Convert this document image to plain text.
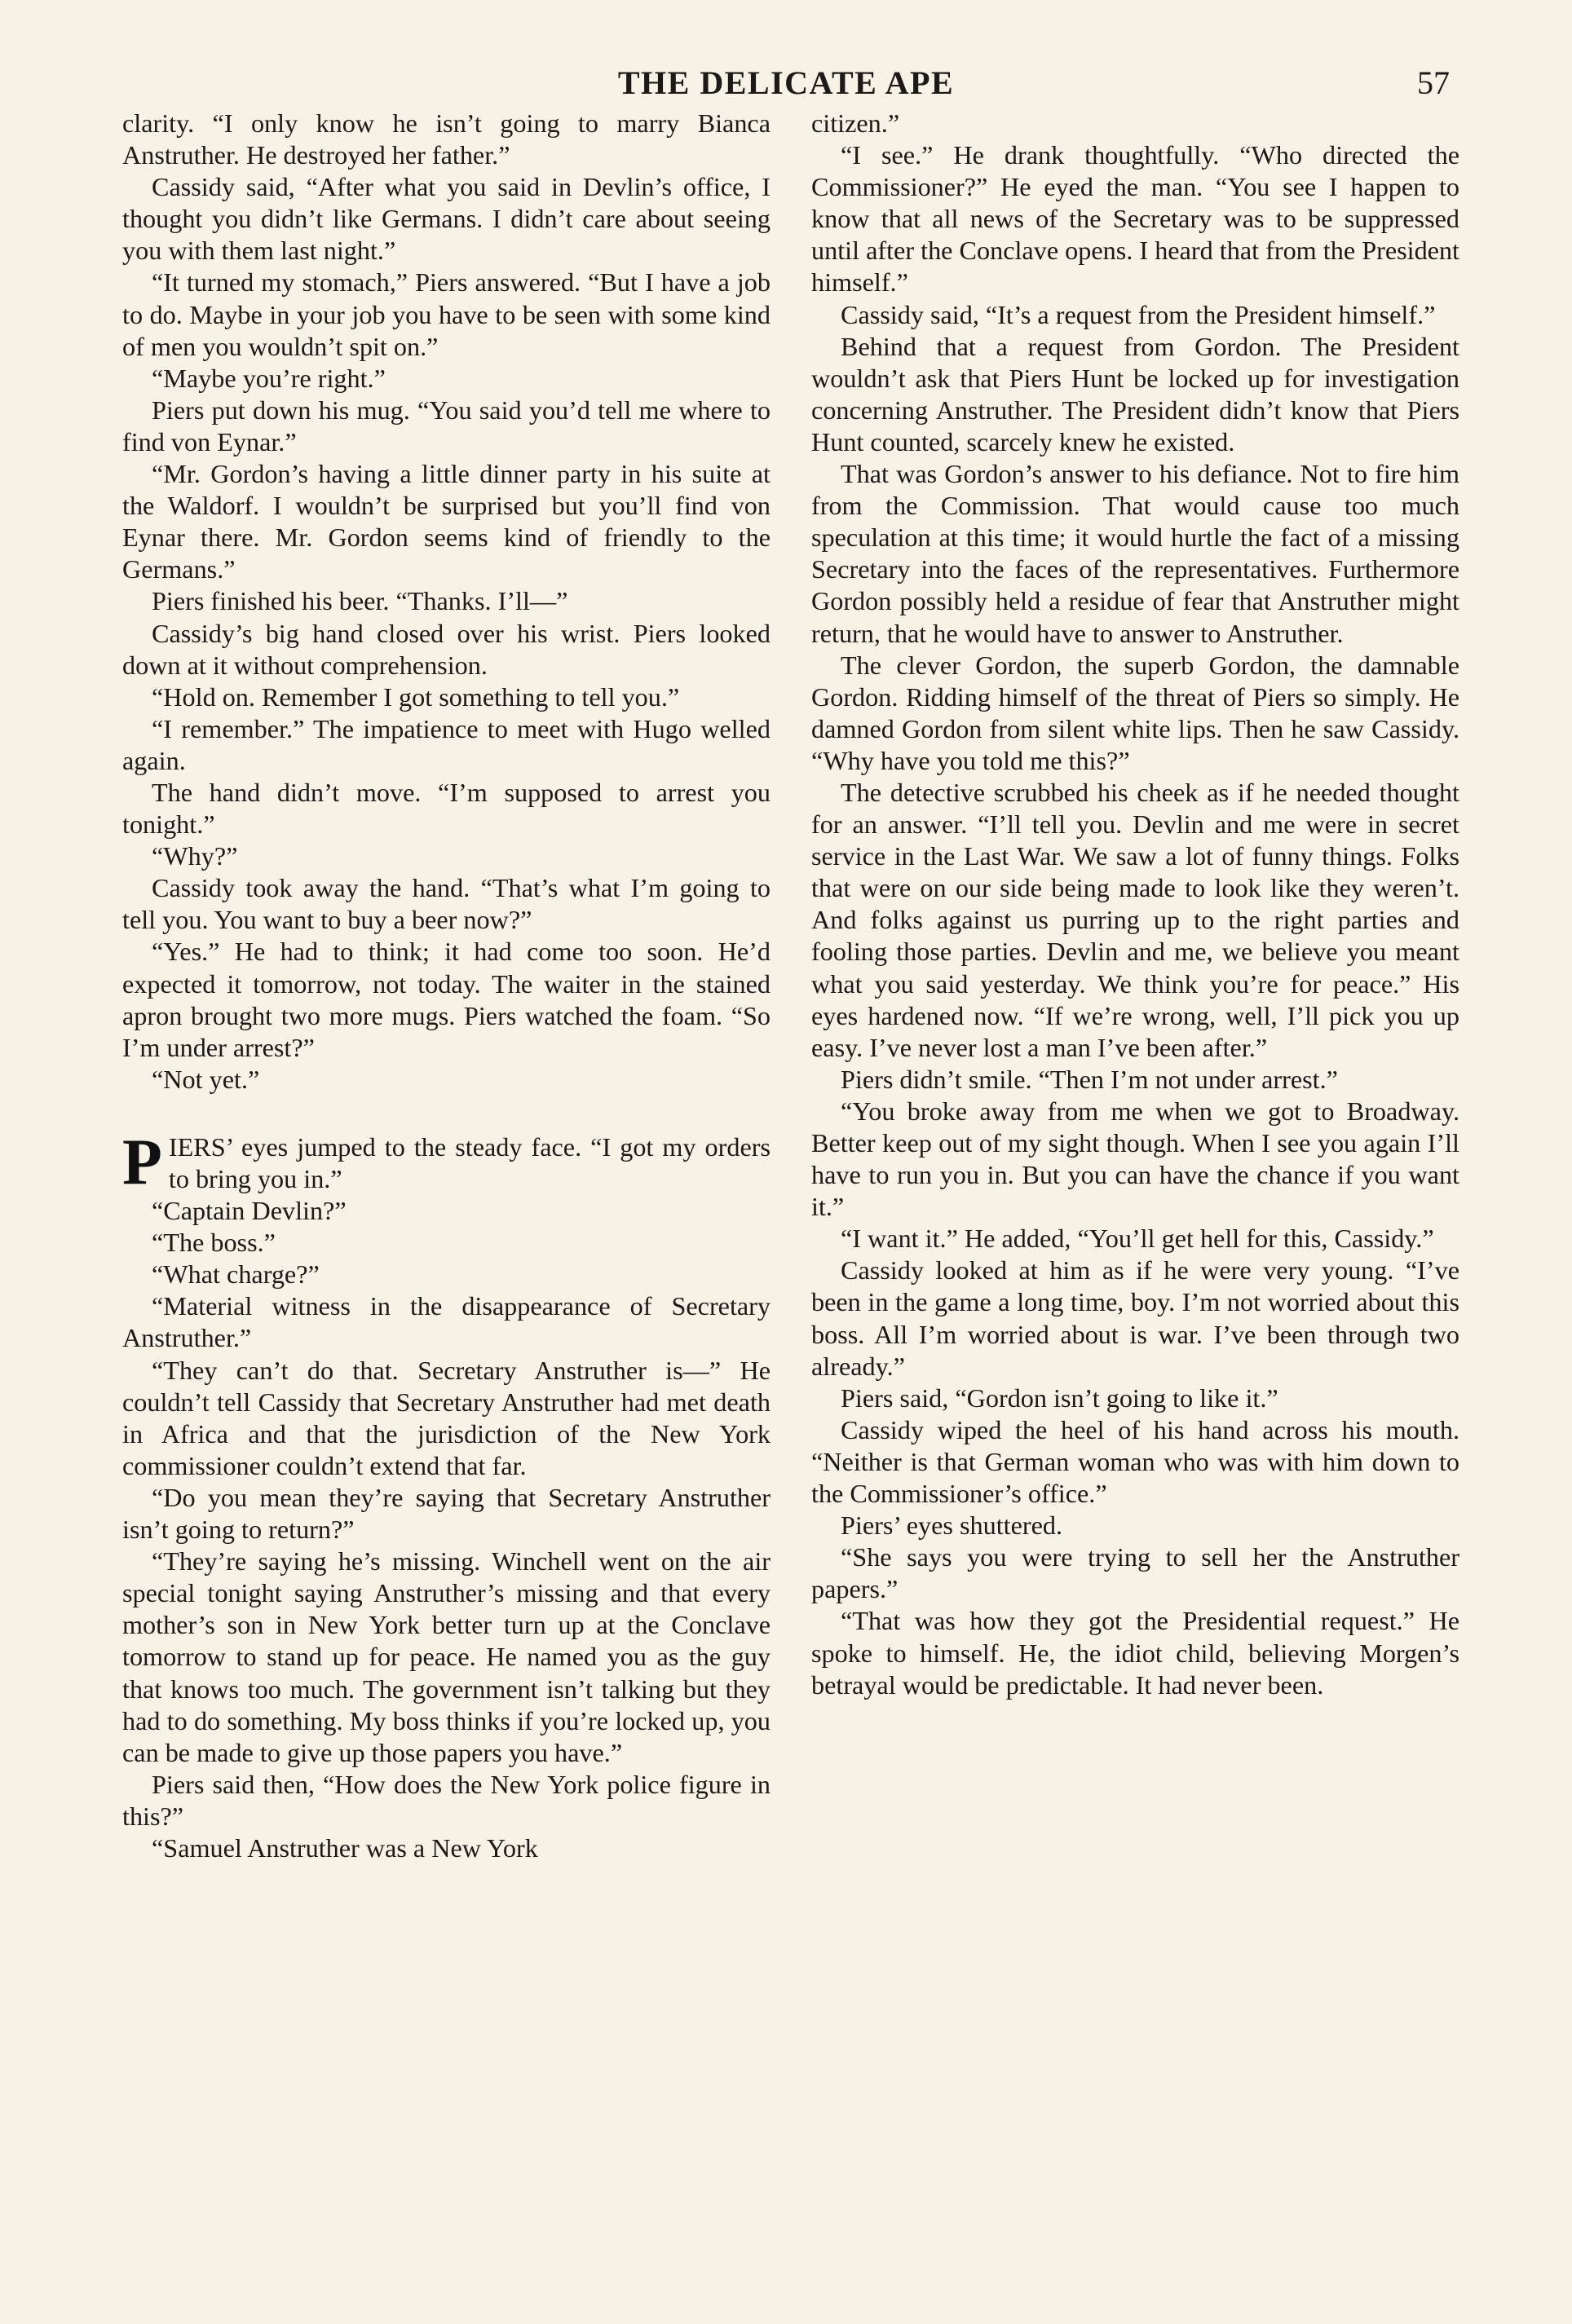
THE DELICATE APE	57

clarity. “I only know he isn’t going to marry Bianca Anstruther. He destroyed her father.”

Cassidy said, “After what you said in Devlin’s office, I thought you didn’t like Germans. I didn’t care about seeing you with them last night.”

“It turned my stomach,” Piers answered. “But I have a job to do. Maybe in your job you have to be seen with some kind of men you wouldn’t spit on.”

“Maybe you’re right.”

Piers put down his mug. “You said you’d tell me where to find von Eynar.”

“Mr. Gordon’s having a little dinner party in his suite at the Waldorf. I wouldn’t be surprised but you’ll find von Eynar there. Mr. Gordon seems kind of friendly to the Germans.”

Piers finished his beer. “Thanks. I’ll—”

Cassidy’s big hand closed over his wrist. Piers looked down at it without comprehension.

“Hold on. Remember I got something to tell you.”

“I remember.” The impatience to meet with Hugo welled again.

The hand didn’t move. “I’m supposed to arrest you tonight.”

“Why?”

Cassidy took away the hand. “That’s what I’m going to tell you. You want to buy a beer now?”

“Yes.” He had to think; it had come too soon. He’d expected it tomorrow, not today. The waiter in the stained apron brought two more mugs. Piers watched the foam. “So I’m under arrest?”

“Not yet.”

PIERS’ eyes jumped to the steady face. “I got my orders to bring you in.”

“Captain Devlin?”

“The boss.”

“What charge?”

“Material witness in the disappearance of Secretary Anstruther.”

“They can’t do that. Secretary Anstruther is—” He couldn’t tell Cassidy that Secretary Anstruther had met death in Africa and that the jurisdiction of the New York commissioner couldn’t extend that far.

“Do you mean they’re saying that Secretary Anstruther isn’t going to return?”

“They’re saying he’s missing. Winchell went on the air special tonight saying Anstruther’s missing and that every mother’s son in New York better turn up at the Conclave tomorrow to stand up for peace. He named you as the guy that knows too much. The government isn’t talking but they had to do something. My boss thinks if you’re locked up, you can be made to give up those papers you have.”

Piers said then, “How does the New York police figure in this?”

“Samuel Anstruther was a New York

citizen.”

“I see.” He drank thoughtfully. “Who directed the Commissioner?” He eyed the man. “You see I happen to know that all news of the Secretary was to be suppressed until after the Conclave opens. I heard that from the President himself.”

Cassidy said, “It’s a request from the President himself.”

Behind that a request from Gordon. The President wouldn’t ask that Piers Hunt be locked up for investigation concerning Anstruther. The President didn’t know that Piers Hunt counted, scarcely knew he existed.

That was Gordon’s answer to his defiance. Not to fire him from the Commission. That would cause too much speculation at this time; it would hurtle the fact of a missing Secretary into the faces of the representatives. Furthermore Gordon possibly held a residue of fear that Anstruther might return, that he would have to answer to Anstruther.

The clever Gordon, the superb Gordon, the damnable Gordon. Ridding himself of the threat of Piers so simply. He damned Gordon from silent white lips. Then he saw Cassidy. “Why have you told me this?”

The detective scrubbed his cheek as if he needed thought for an answer. “I’ll tell you. Devlin and me were in secret service in the Last War. We saw a lot of funny things. Folks that were on our side being made to look like they weren’t. And folks against us purring up to the right parties and fooling those parties. Devlin and me, we believe you meant what you said yesterday. We think you’re for peace.” His eyes hardened now. “If we’re wrong, well, I’ll pick you up easy. I’ve never lost a man I’ve been after.”

Piers didn’t smile. “Then I’m not under arrest.”

“You broke away from me when we got to Broadway. Better keep out of my sight though. When I see you again I’ll have to run you in. But you can have the chance if you want it.”

“I want it.” He added, “You’ll get hell for this, Cassidy.”

Cassidy looked at him as if he were very young. “I’ve been in the game a long time, boy. I’m not worried about this boss. All I’m worried about is war. I’ve been through two already.”

Piers said, “Gordon isn’t going to like it.”

Cassidy wiped the heel of his hand across his mouth. “Neither is that German woman who was with him down to the Commissioner’s office.”

Piers’ eyes shuttered.

“She says you were trying to sell her the Anstruther papers.”

“That was how they got the Presidential request.” He spoke to himself. He, the idiot child, believing Morgen’s betrayal would be predictable. It had never been.
